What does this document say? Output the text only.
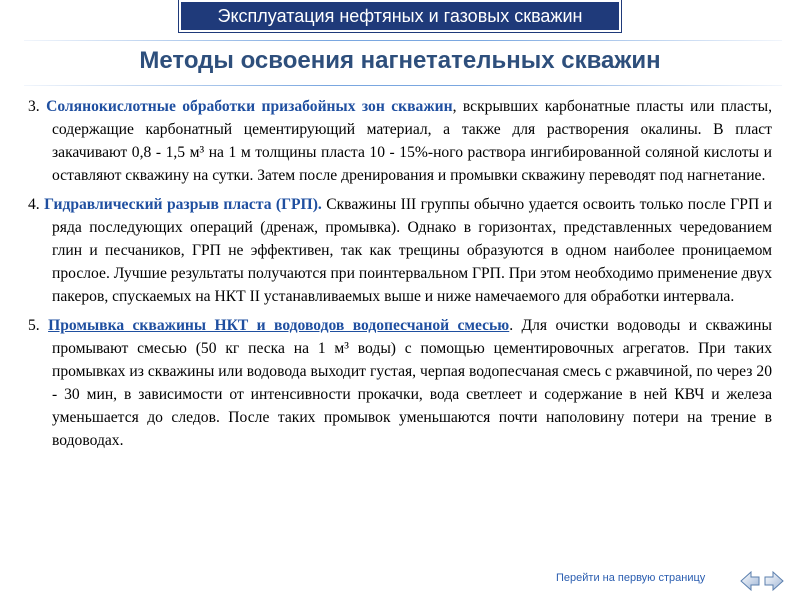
Эксплуатация нефтяных и газовых скважин
Методы освоения нагнетательных скважин

3. Солянокислотные обработки призабойных зон скважин, вскрывших карбонатные пласты или пласты, содержащие карбонатный цементирующий материал, а также для растворения окалины. В пласт закачивают 0,8 - 1,5 м³ на 1 м толщины пласта 10 - 15%-ного раствора ингибированной соляной кислоты и оставляют скважину на сутки. Затем после дренирования и промывки скважину переводят под нагнетание.

4. Гидравлический разрыв пласта (ГРП). Скважины III группы обычно удается освоить только после ГРП и ряда последующих операций (дренаж, промывка). Однако в горизонтах, представленных чередованием глин и песчаников, ГРП не эффективен, так как трещины образуются в одном наиболее проницаемом прослое. Лучшие результаты получаются при поинтервальном ГРП. При этом необходимо применение двух пакеров, спускаемых на НКТ II устанавливаемых выше и ниже намечаемого для обработки интервала.

5. Промывка скважины НКТ и водоводов водопесчаной смесью. Для очистки водоводы и скважины промывают смесью (50 кг песка на 1 м³ воды) с помощью цементировочных агрегатов. При таких промывках из скважины или водовода выходит густая, черпая водопесчаная смесь с ржавчиной, по через 20 - 30 мин, в зависимости от интенсивности прокачки, вода светлеет и содержание в ней КВЧ и железа уменьшается до следов. После таких промывок уменьшаются почти наполовину потери на трение в водоводах.

Перейти на первую страницу
